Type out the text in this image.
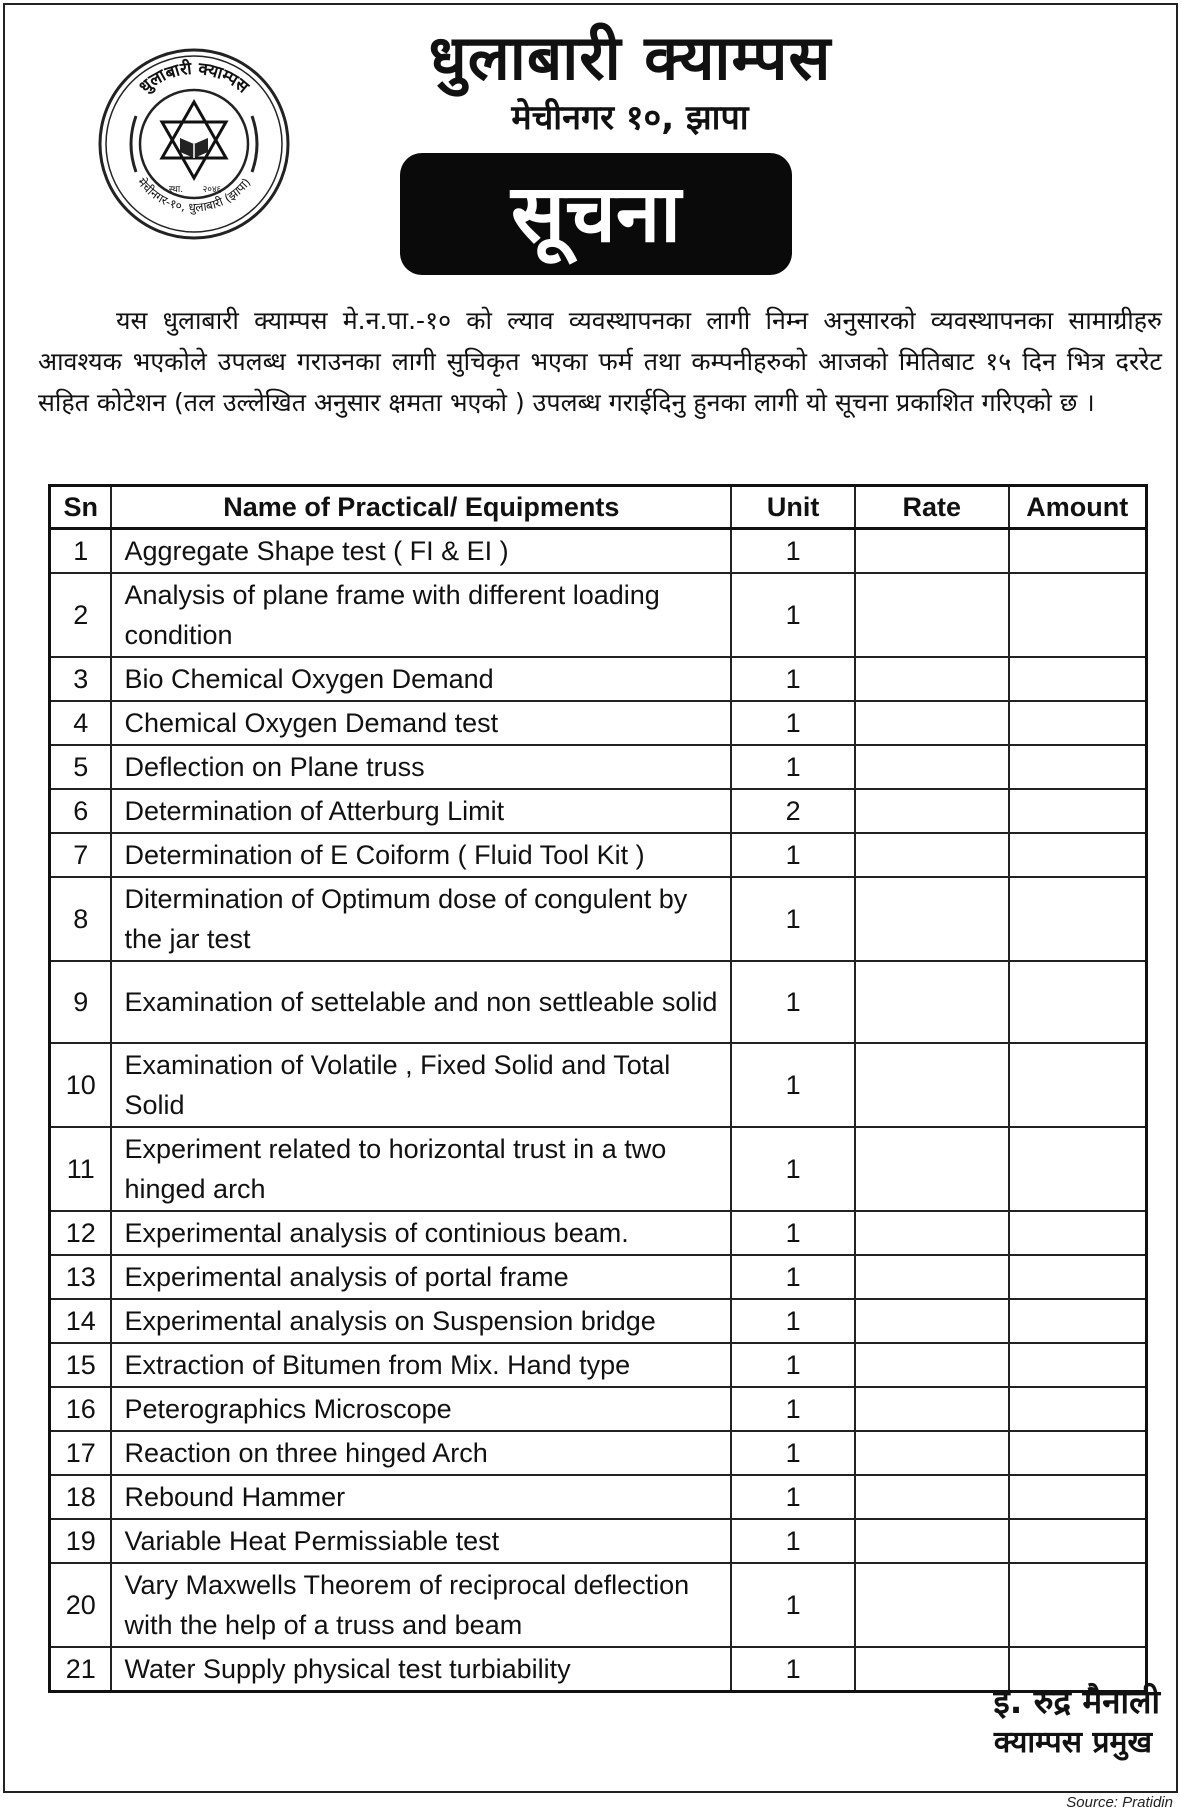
धुलाबारी क्याम्पस
मेचीनगर-१०, धुलाबारी (झापा)
स्था. २०४६
धुलाबारी क्याम्पस
मेचीनगर १०, झापा
सूचना

यस धुलाबारी क्याम्पस मे.न.पा.-१० को ल्याव व्यवस्थापनका लागी निम्न अनुसारको व्यवस्थापनका सामाग्रीहरु आवश्यक भएकोले उपलब्ध गराउनका लागी सुचिकृत भएका फर्म तथा कम्पनीहरुको आजको मितिबाट १५ दिन भित्र दररेट सहित कोटेशन (तल उल्लेखित अनुसार क्षमता भएको ) उपलब्ध गराईदिनु हुनका लागी यो सूचना प्रकाशित गरिएको छ ।

Sn	Name of Practical/ Equipments	Unit	Rate	Amount
1	Aggregate Shape test ( FI & EI )	1		
2	Analysis of plane frame with different loading condition	1		
3	Bio Chemical Oxygen Demand	1		
4	Chemical Oxygen Demand test	1		
5	Deflection on Plane truss	1		
6	Determination of Atterburg Limit	2		
7	Determination of E Coiform ( Fluid Tool Kit )	1		
8	Ditermination of Optimum dose of congulent by the jar test	1		
9	Examination of settelable and non settleable solid	1		
10	Examination of Volatile , Fixed Solid and Total Solid	1		
11	Experiment related to horizontal trust in a two hinged arch	1		
12	Experimental analysis of continious beam.	1		
13	Experimental analysis of portal frame	1		
14	Experimental analysis on Suspension bridge	1		
15	Extraction of Bitumen from Mix. Hand type	1		
16	Peterographics Microscope	1		
17	Reaction on three hinged Arch	1		
18	Rebound Hammer	1		
19	Variable Heat Permissiable test	1		
20	Vary Maxwells Theorem of reciprocal deflection with the help of a truss and beam	1		
21	Water Supply physical test turbiability	1		
इ. रुद्र मैनाली
क्याम्पस प्रमुख
Source: Pratidin
